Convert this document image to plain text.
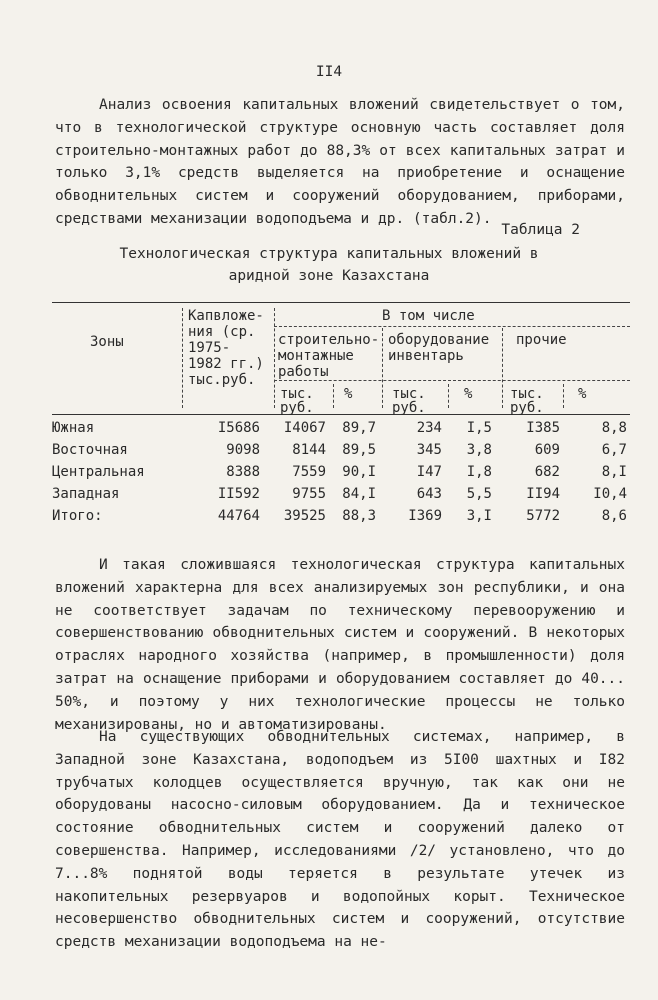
II4

Анализ освоения капитальных вложений свидетельствует о том, что в технологической структуре основную часть составляет доля строительно-монтажных работ до 88,3% от всех капитальных затрат и только 3,1% средств выделяется на приобретение и оснащение обводнительных систем и сооружений оборудованием, приборами, средствами механизации водоподъема и др. (табл.2).

Таблица 2
Технологическая структура капитальных вложений в
аридной зоне Казахстана
Зоны
Капвложе-
ния (ср.
1975-
1982 гг.)
тыс.руб.
В том числе
строительно-
монтажные
работы
оборудование
инвентарь
прочие
тыс.
руб.
%	тыс.
руб.
%	тыс.
руб.
%
Южная	I5686	I4067	89,7	234	I,5	I385	8,8
Восточная	9098	8144	89,5	345	3,8	609	6,7
Центральная	8388	7559	90,I	I47	I,8	682	8,I
Западная	II592	9755	84,I	643	5,5	II94	I0,4
Итого:	44764	39525	88,3	I369	3,I	5772	8,6

И такая сложившаяся технологическая структура капитальных вложений характерна для всех анализируемых зон республики, и она не соответствует задачам по техническому перевооружению и совершенствованию обводнительных систем и сооружений. В некоторых отраслях народного хозяйства (например, в промышленности) доля затрат на оснащение приборами и оборудованием составляет до 40... 50%, и поэтому у них технологические процессы не только механизированы, но и автоматизированы.

На существующих обводнительных системах, например, в Западной зоне Казахстана, водоподъем из 5I00 шахтных и I82 трубчатых колодцев осуществляется вручную, так как они не оборудованы насосно-силовым оборудованием. Да и техническое состояние обводнительных систем и сооружений далеко от совершенства. Например, исследованиями /2/ установлено, что до 7...8% поднятой воды теряется в результате утечек из накопительных резервуаров и водопойных корыт. Техническое несовершенство обводнительных систем и сооружений, отсутствие средств механизации водоподъема на не-
